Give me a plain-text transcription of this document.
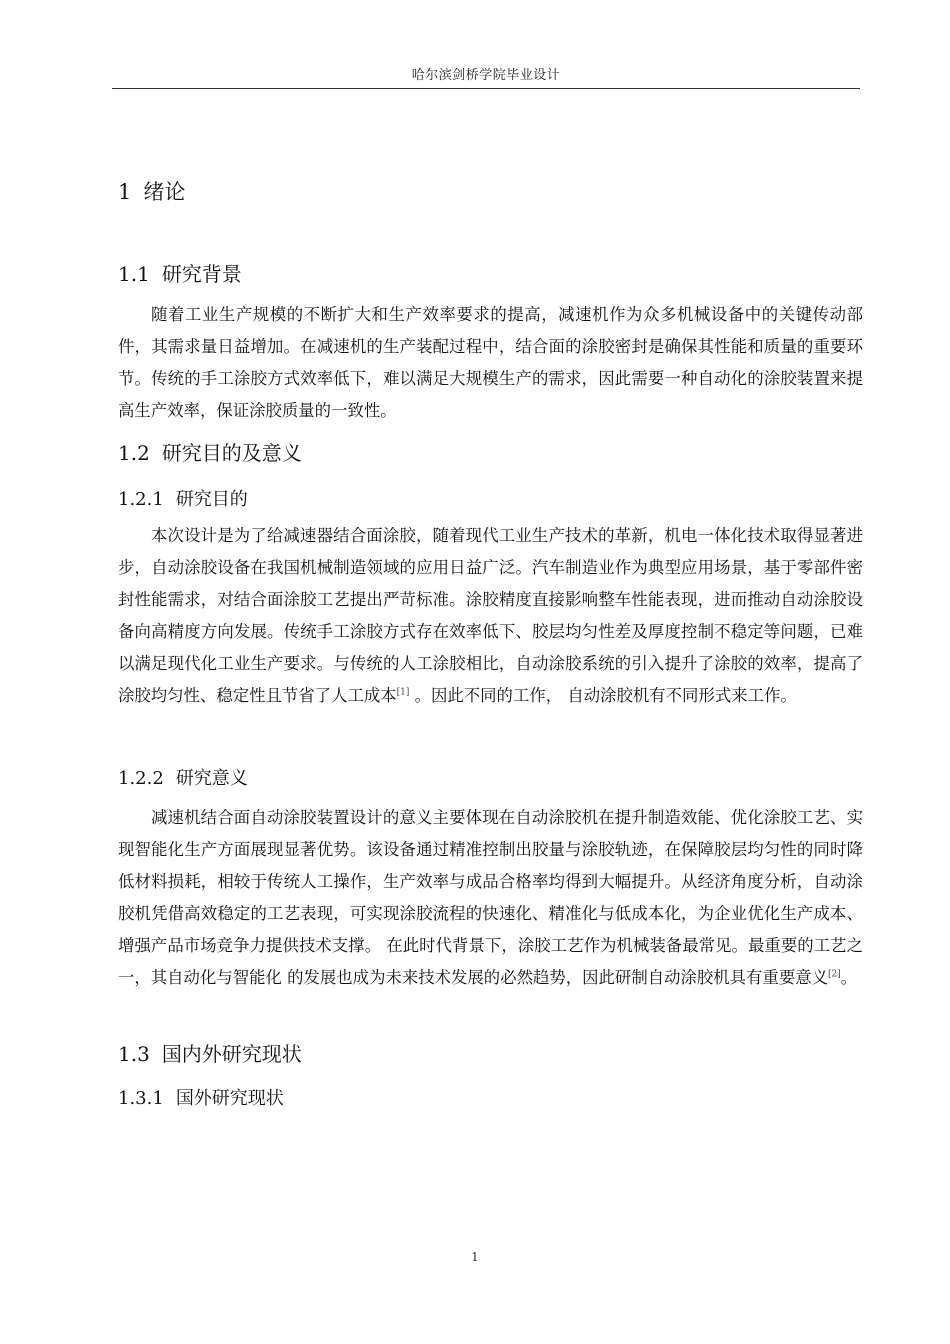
哈尔滨剑桥学院毕业设计
1 绪论
1.1 研究背景

随着工业生产规模的不断扩大和生产效率要求的提高，减速机作为众多机械设备中的关键传动部件，其需求量日益增加。在减速机的生产装配过程中，结合面的涂胶密封是确保其性能和质量的重要环节。传统的手工涂胶方式效率低下，难以满足大规模生产的需求，因此需要一种自动化的涂胶装置来提高生产效率，保证涂胶质量的一致性。

1.2 研究目的及意义
1.2.1 研究目的

本次设计是为了给减速器结合面涂胶，随着现代工业生产技术的革新，机电一体化技术取得显著进步，自动涂胶设备在我国机械制造领域的应用日益广泛。汽车制造业作为典型应用场景，基于零部件密封性能需求，对结合面涂胶工艺提出严苛标准。涂胶精度直接影响整车性能表现，进而推动自动涂胶设备向高精度方向发展。传统手工涂胶方式存在效率低下、胶层均匀性差及厚度控制不稳定等问题，已难以满足现代化工业生产要求。与传统的人工涂胶相比，自动涂胶系统的引入提升了涂胶的效率，提高了涂胶均匀性、稳定性且节省了人工成本[1] 。因此不同的工作， 自动涂胶机有不同形式来工作。

1.2.2 研究意义

减速机结合面自动涂胶装置设计的意义主要体现在自动涂胶机在提升制造效能、优化涂胶工艺、实现智能化生产方面展现显著优势。该设备通过精准控制出胶量与涂胶轨迹，在保障胶层均匀性的同时降低材料损耗，相较于传统人工操作，生产效率与成品合格率均得到大幅提升。从经济角度分析，自动涂胶机凭借高效稳定的工艺表现，可实现涂胶流程的快速化、精准化与低成本化，为企业优化生产成本、增强产品市场竞争力提供技术支撑。 在此时代背景下，涂胶工艺作为机械装备最常见。最重要的工艺之一，其自动化与智能化 的发展也成为未来技术发展的必然趋势，因此研制自动涂胶机具有重要意义[2]。

1.3 国内外研究现状
1.3.1 国外研究现状
1
